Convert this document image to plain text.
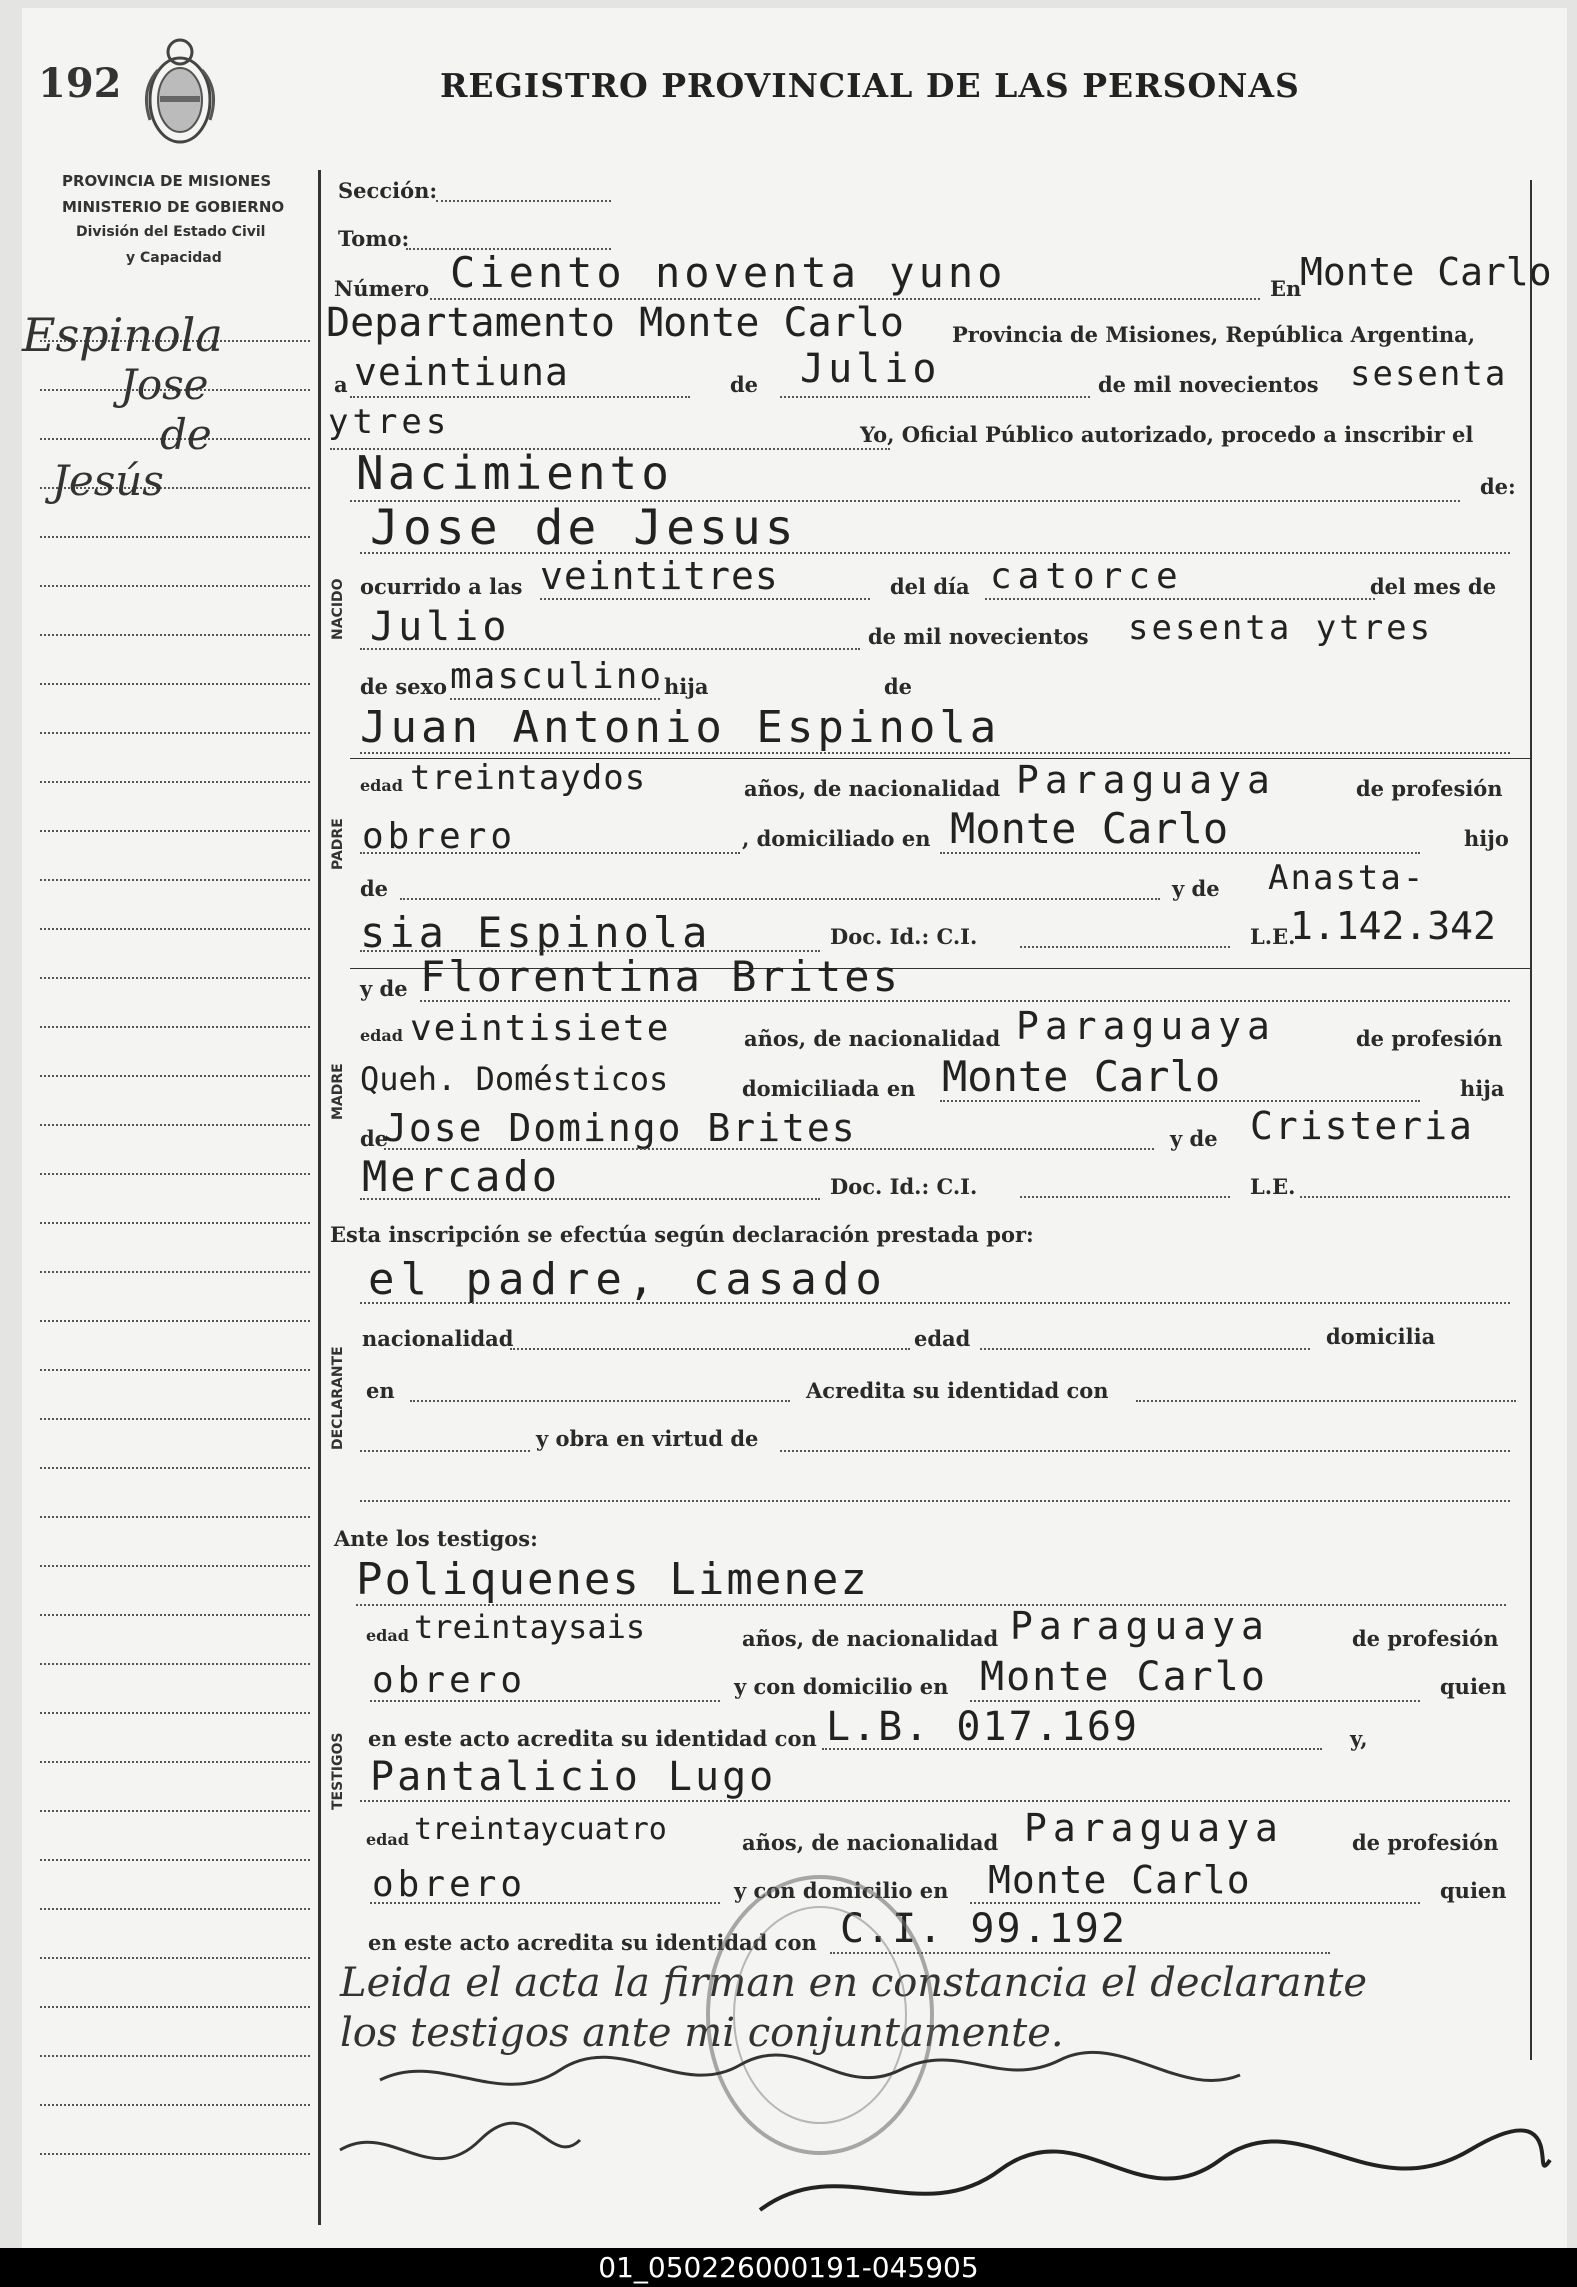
192	REGISTRO PROVINCIAL DE LAS PERSONAS
PROVINCIA DE MISIONES
MINISTERIO DE GOBIERNO
División del Estado Civil
y Capacidad
Espinola
Jose
de
Jesús
Sección:
Tomo:
Número Ciento noventa yuno	En
Monte Carlo
Departamento Monte Carlo Provincia de Misiones, República Argentina,
a veintiuna	de Julio	de mil novecientos sesenta
ytres	Yo, Oficial Público autorizado, procedo a inscribir el
Nacimiento	de:
NACIDO
Jose de Jesus
ocurrido a las veintitres	del día catorce	del mes de
Julio	de mil novecientos sesenta ytres
de sexo masculino hija	de
PADRE
Juan Antonio Espinola
edad treintaydos	años, de nacionalidad Paraguaya	de profesión
obrero	, domiciliado en Monte Carlo	hijo
de	y de Anasta-
sia Espinola	Doc. Id.: C.I.	L.E.
1.142.342
MADRE
y de Florentina Brites
edad veintisiete	años, de nacionalidad Paraguaya	de profesión
Queh. Domésticos	domiciliada en Monte Carlo	hija
de
Jose Domingo Brites	y de Cristeria
Mercado	Doc. Id.: C.I.	L.E.
Esta inscripción se efectúa según declaración prestada por:
DECLARANTE
el padre, casado
nacionalidad	edad	domicilia
en	Acredita su identidad con
y obra en virtud de
Ante los testigos:
TESTIGOS
Poliquenes Limenez
edad treintaysais	años, de nacionalidad Paraguaya	de profesión
obrero	y con domicilio en Monte Carlo	quien
en este acto acredita su identidad con L.B. 017.169	y,
Pantalicio Lugo
edad treintaycuatro	años, de nacionalidad Paraguaya	de profesión
obrero	y con domicilio en Monte Carlo	quien
en este acto acredita su identidad con C.I. 99.192
Leida el acta la firman en constancia el declarante
los testigos ante mi conjuntamente.
01_050226000191-045905
